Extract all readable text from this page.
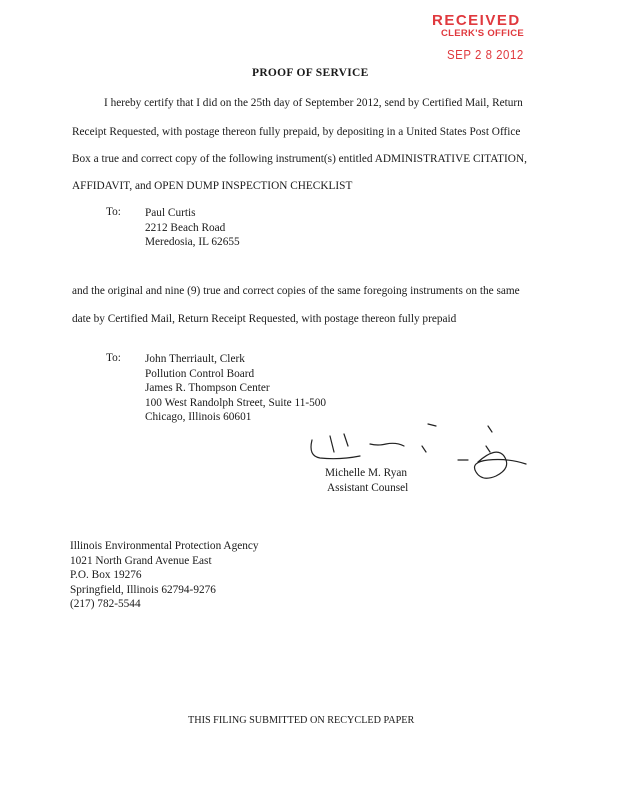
RECEIVED
CLERK'S OFFICE
SEP 2 8 2012
PROOF OF SERVICE
I hereby certify that I did on the 25th day of September 2012, send by Certified Mail, Return
Receipt Requested, with postage thereon fully prepaid, by depositing in a United States Post Office
Box a true and correct copy of the following instrument(s) entitled ADMINISTRATIVE CITATION,
AFFIDAVIT, and OPEN DUMP INSPECTION CHECKLIST
To: Paul Curtis
2212 Beach Road
Meredosia, IL 62655
and the original and nine (9) true and correct copies of the same foregoing instruments on the same
date by Certified Mail, Return Receipt Requested, with postage thereon fully prepaid
To: John Therriault, Clerk
Pollution Control Board
James R. Thompson Center
100 West Randolph Street, Suite 11-500
Chicago, Illinois 60601
Michelle M. Ryan
Assistant Counsel
Illinois Environmental Protection Agency
1021 North Grand Avenue East
P.O. Box 19276
Springfield, Illinois 62794-9276
(217) 782-5544
THIS FILING SUBMITTED ON RECYCLED PAPER
